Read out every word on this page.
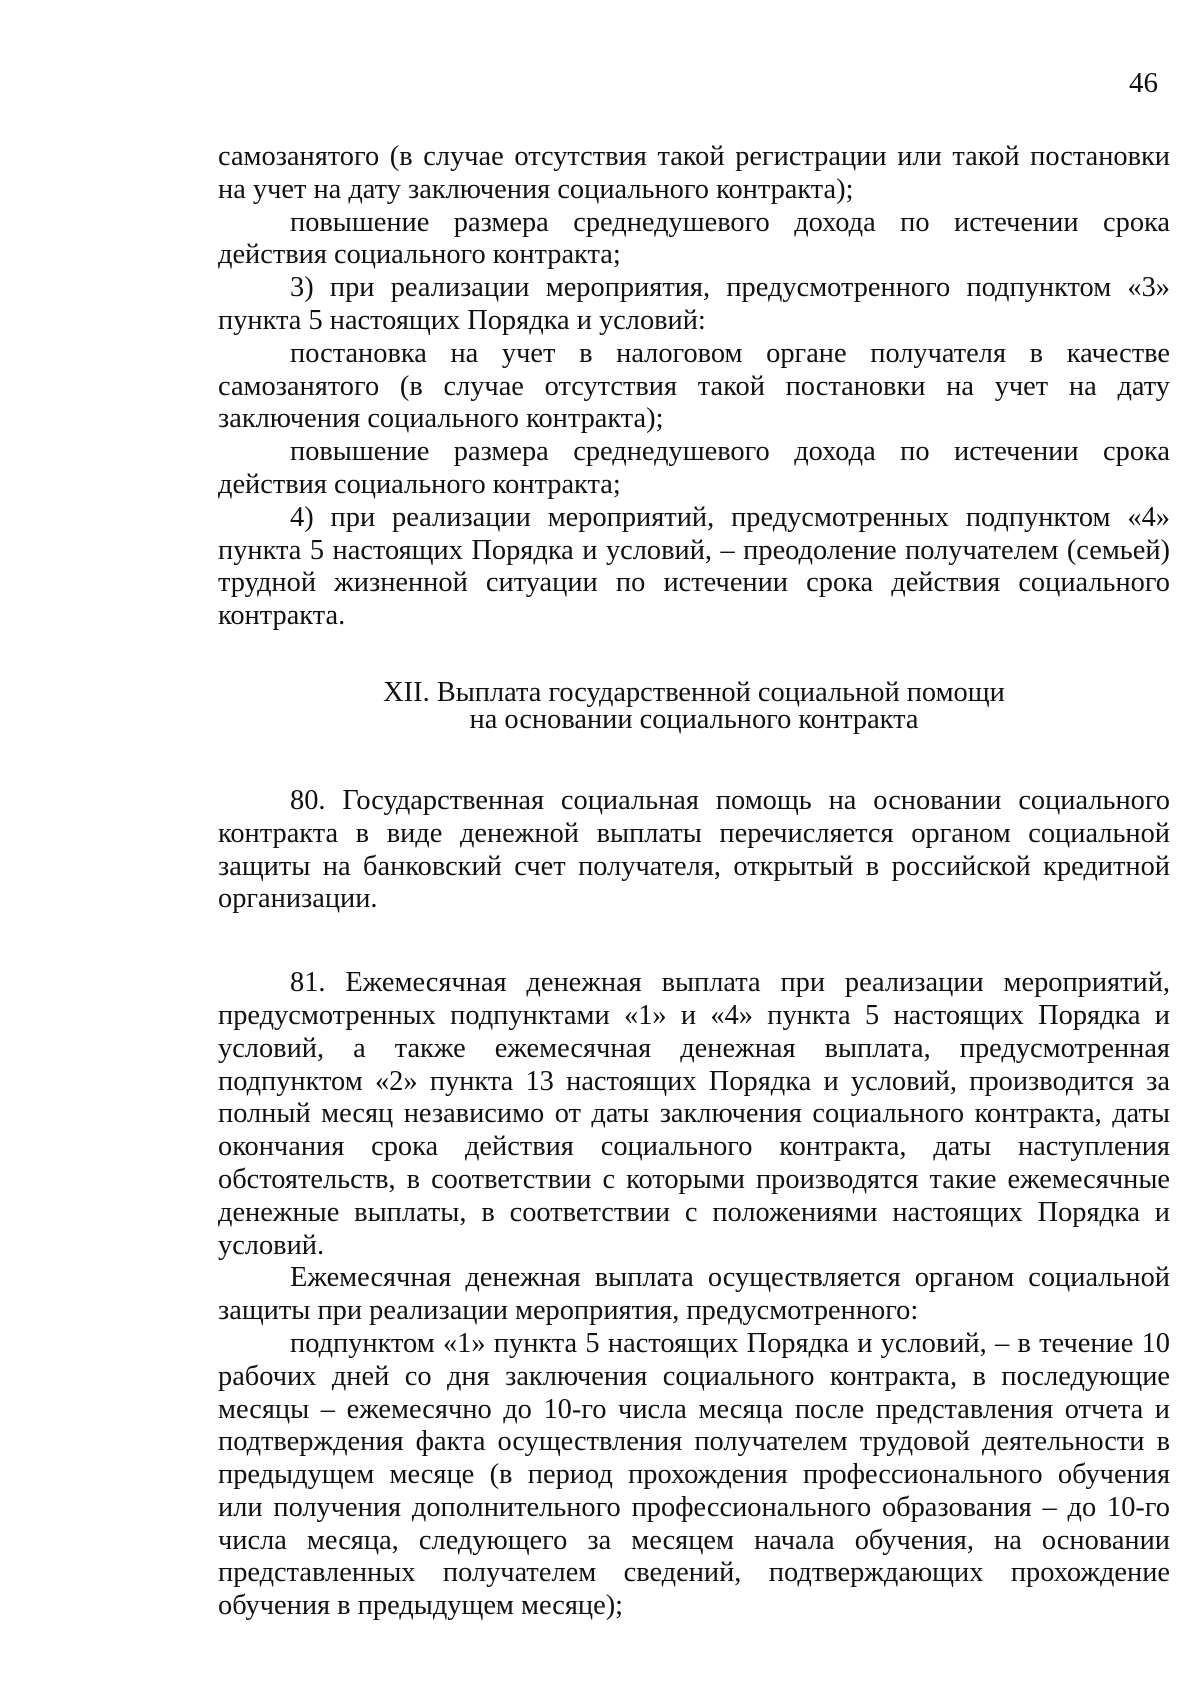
46

самозанятого (в случае отсутствия такой регистрации или такой постановки на учет на дату заключения социального контракта);

повышение размера среднедушевого дохода по истечении срока действия социального контракта;

3) при реализации мероприятия, предусмотренного подпунктом «3» пункта 5 настоящих Порядка и условий:

постановка на учет в налоговом органе получателя в качестве самозанятого (в случае отсутствия такой постановки на учет на дату заключения социального контракта);

повышение размера среднедушевого дохода по истечении срока действия социального контракта;

4) при реализации мероприятий, предусмотренных подпунктом «4» пункта 5 настоящих Порядка и условий, – преодоление получателем (семьей) трудной жизненной ситуации по истечении срока действия социального контракта.

XII. Выплата государственной социальной помощи

на основании социального контракта

80. Государственная социальная помощь на основании социального контракта в виде денежной выплаты перечисляется органом социальной защиты на банковский счет получателя, открытый в российской кредитной организации.

81. Ежемесячная денежная выплата при реализации мероприятий, предусмотренных подпунктами «1» и «4» пункта 5 настоящих Порядка и условий, а также ежемесячная денежная выплата, предусмотренная подпунктом «2» пункта 13 настоящих Порядка и условий, производится за полный месяц независимо от даты заключения социального контракта, даты окончания срока действия социального контракта, даты наступления обстоятельств, в соответствии с которыми производятся такие ежемесячные денежные выплаты, в соответствии с положениями настоящих Порядка и условий.

Ежемесячная денежная выплата осуществляется органом социальной защиты при реализации мероприятия, предусмотренного:

подпунктом «1» пункта 5 настоящих Порядка и условий, – в течение 10 рабочих дней со дня заключения социального контракта, в последующие месяцы – ежемесячно до 10-го числа месяца после представления отчета и подтверждения факта осуществления получателем трудовой деятельности в предыдущем месяце (в период прохождения профессионального обучения или получения дополнительного профессионального образования – до 10-го числа месяца, следующего за месяцем начала обучения, на основании представленных получателем сведений, подтверждающих прохождение обучения в предыдущем месяце);
